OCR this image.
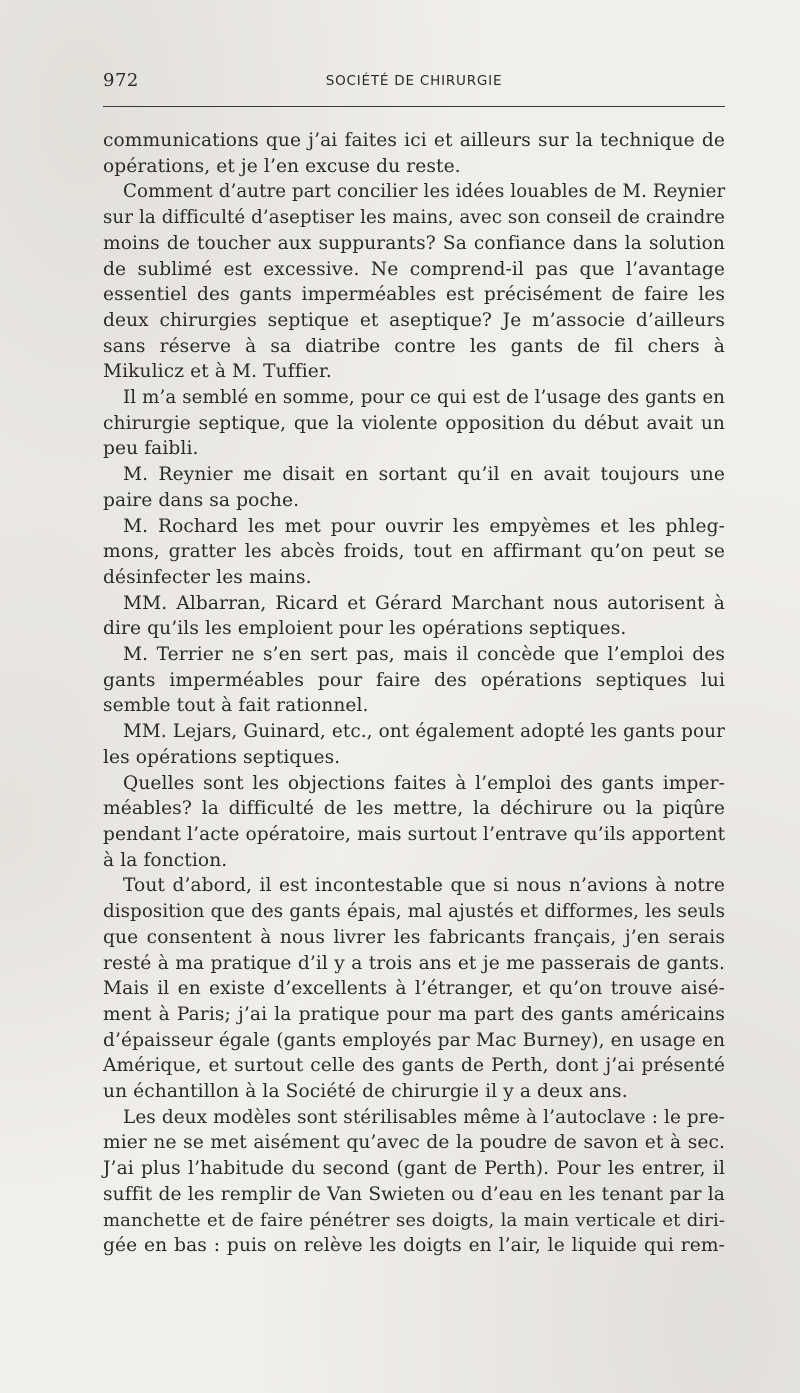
972	SOCIÉTÉ DE CHIRURGIE
communications que j’ai faites ici et ailleurs sur la technique de
opérations, et je l’en excuse du reste.
Comment d’autre part concilier les idées louables de M. Reynier
sur la difficulté d’aseptiser les mains, avec son conseil de craindre
moins de toucher aux suppurants? Sa confiance dans la solution
de sublimé est excessive. Ne comprend-il pas que l’avantage
essentiel des gants imperméables est précisément de faire les
deux chirurgies septique et aseptique? Je m’associe d’ailleurs
sans réserve à sa diatribe contre les gants de fil chers à
Mikulicz et à M. Tuffier.
Il m’a semblé en somme, pour ce qui est de l’usage des gants en
chirurgie septique, que la violente opposition du début avait un
peu faibli.
M. Reynier me disait en sortant qu’il en avait toujours une
paire dans sa poche.
M. Rochard les met pour ouvrir les empyèmes et les phleg-
mons, gratter les abcès froids, tout en affirmant qu’on peut se
désinfecter les mains.
MM. Albarran, Ricard et Gérard Marchant nous autorisent à
dire qu’ils les emploient pour les opérations septiques.
M. Terrier ne s’en sert pas, mais il concède que l’emploi des
gants imperméables pour faire des opérations septiques lui
semble tout à fait rationnel.
MM. Lejars, Guinard, etc., ont également adopté les gants pour
les opérations septiques.
Quelles sont les objections faites à l’emploi des gants imper-
méables? la difficulté de les mettre, la déchirure ou la piqûre
pendant l’acte opératoire, mais surtout l’entrave qu’ils apportent
à la fonction.
Tout d’abord, il est incontestable que si nous n’avions à notre
disposition que des gants épais, mal ajustés et difformes, les seuls
que consentent à nous livrer les fabricants français, j’en serais
resté à ma pratique d’il y a trois ans et je me passerais de gants.
Mais il en existe d’excellents à l’étranger, et qu’on trouve aisé-
ment à Paris; j’ai la pratique pour ma part des gants américains
d’épaisseur égale (gants employés par Mac Burney), en usage en
Amérique, et surtout celle des gants de Perth, dont j’ai présenté
un échantillon à la Société de chirurgie il y a deux ans.
Les deux modèles sont stérilisables même à l’autoclave : le pre-
mier ne se met aisément qu’avec de la poudre de savon et à sec.
J’ai plus l’habitude du second (gant de Perth). Pour les entrer, il
suffit de les remplir de Van Swieten ou d’eau en les tenant par la
manchette et de faire pénétrer ses doigts, la main verticale et diri-
gée en bas : puis on relève les doigts en l’air, le liquide qui rem-
